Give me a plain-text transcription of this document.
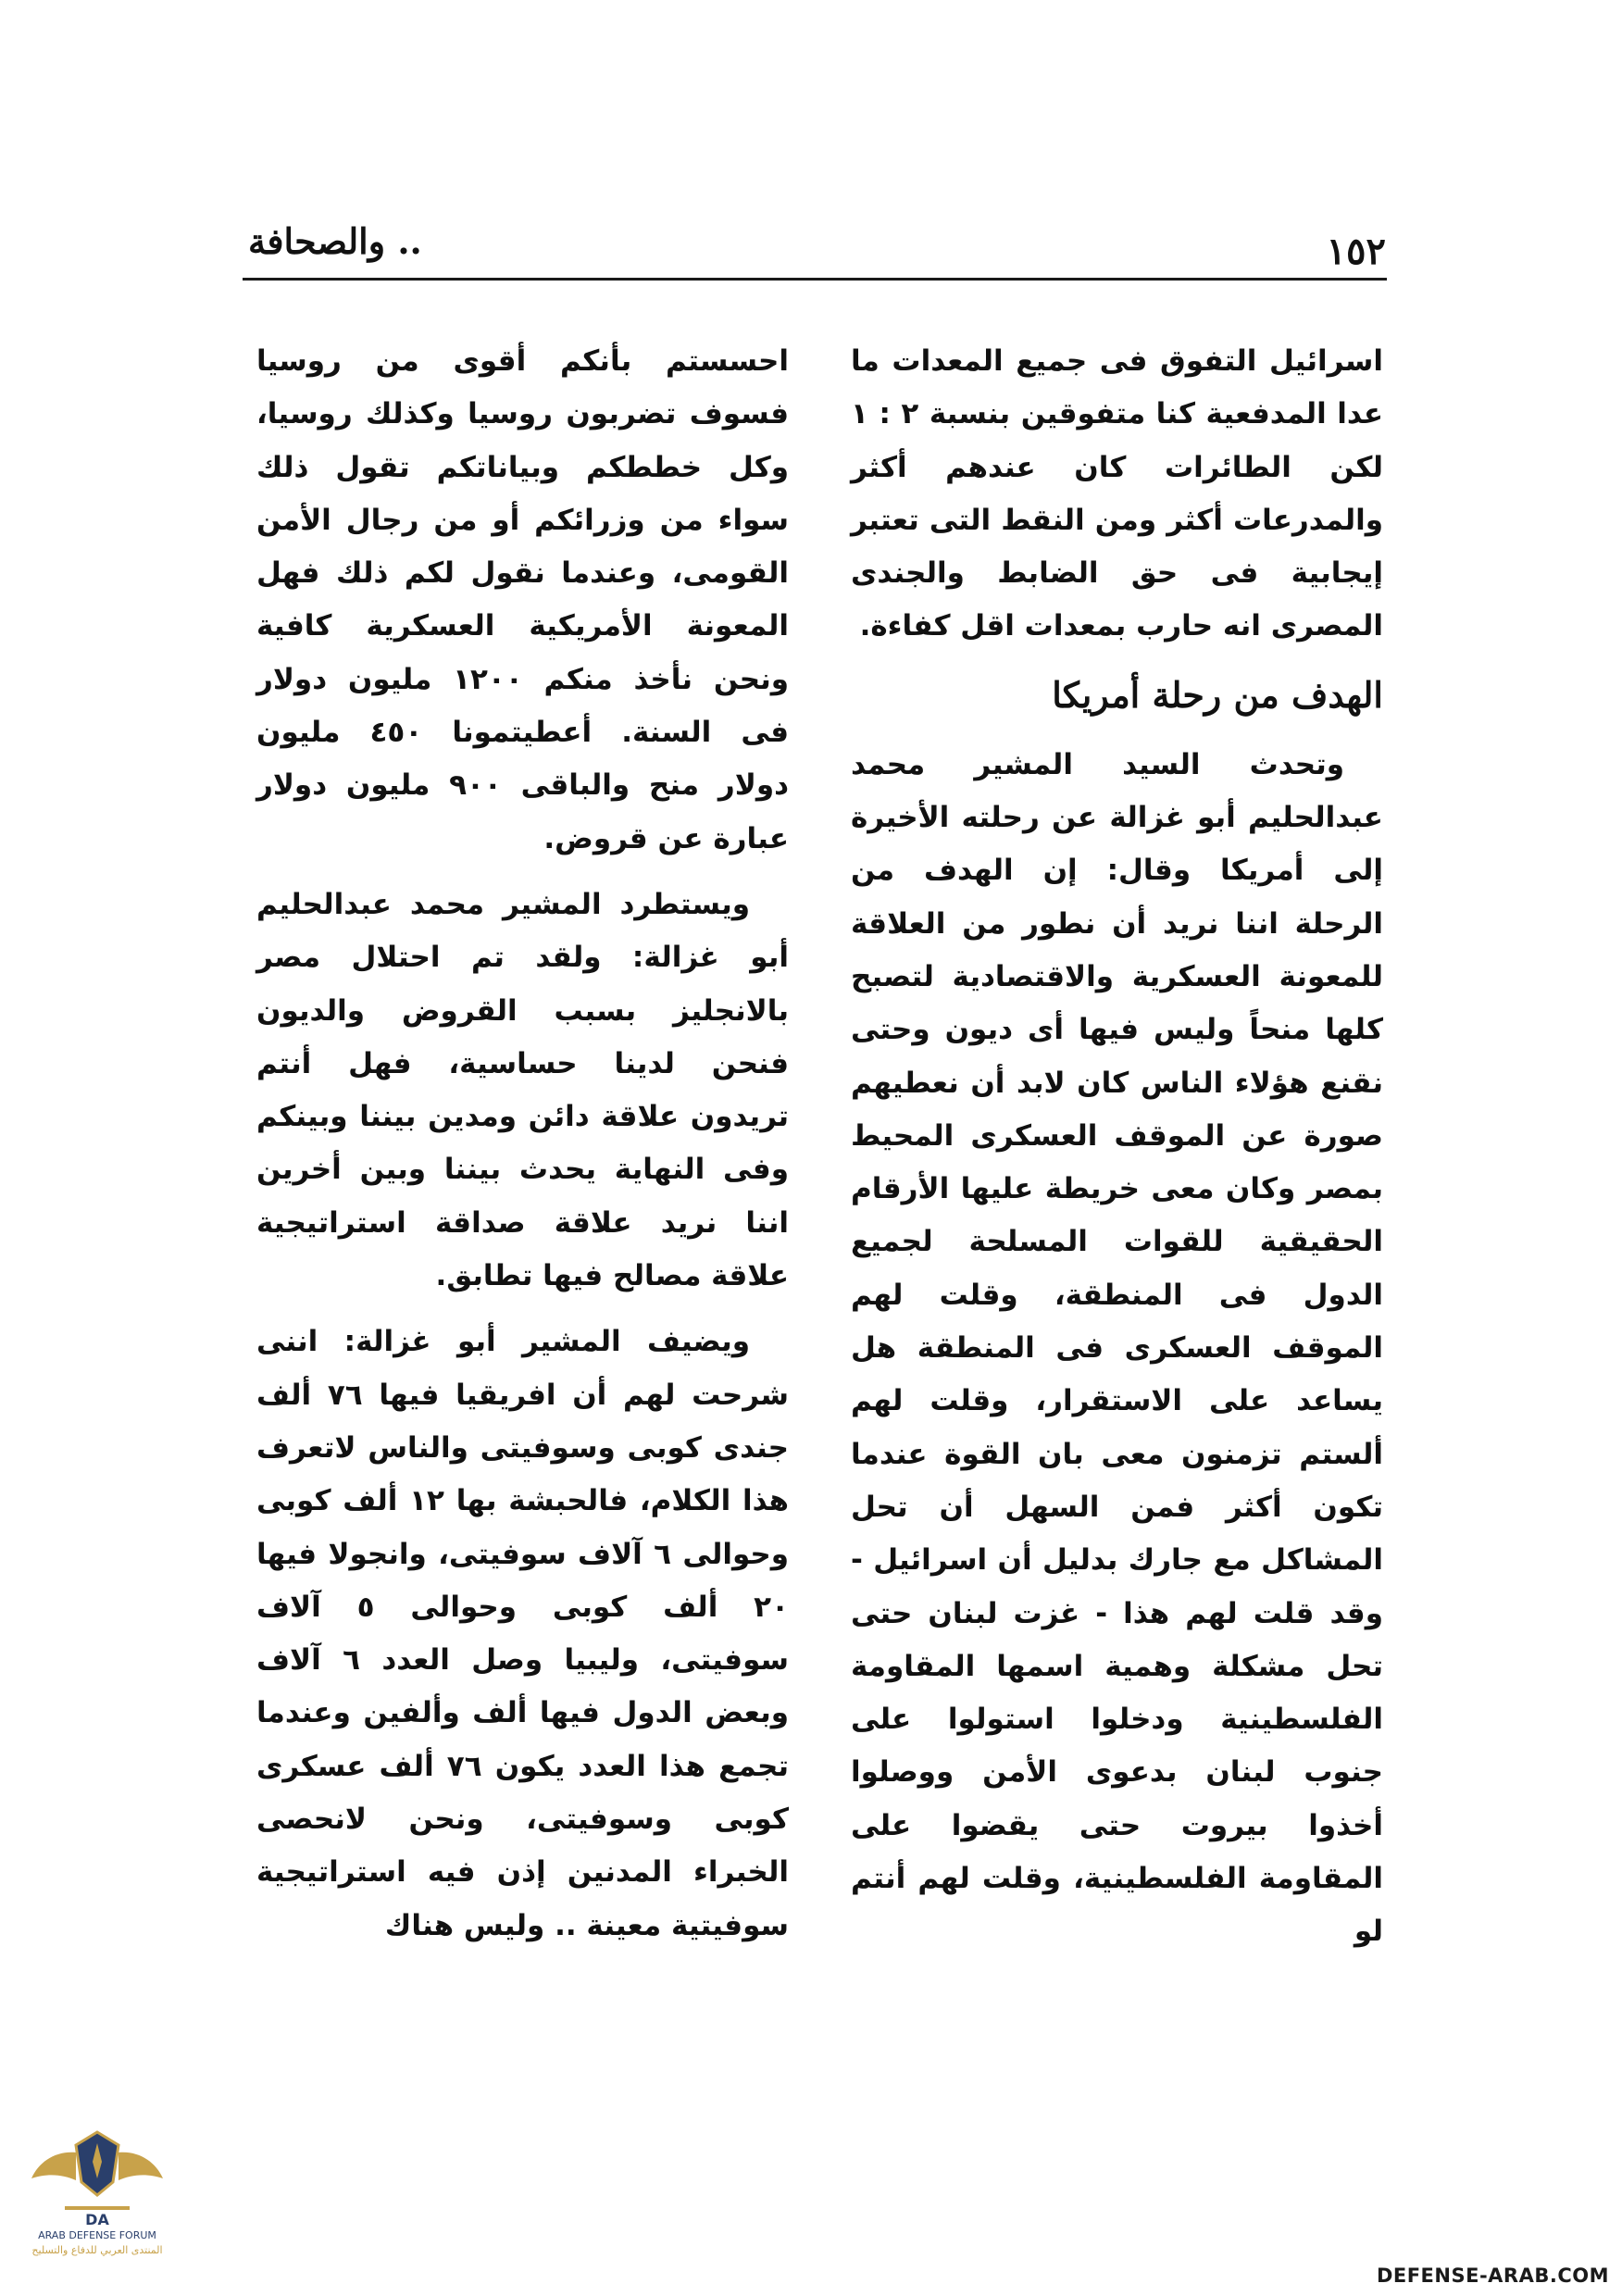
.. والصحافة	١٥٢

اسرائيل التفوق فى جميع المعدات ما عدا المدفعية كنا متفوقين بنسبة ٢ : ١ لكن الطائرات كان عندهم أكثر والمدرعات أكثر ومن النقط التى تعتبر إيجابية فى حق الضابط والجندى المصرى انه حارب بمعدات اقل كفاءة.

الهدف من رحلة أمريكا

وتحدث السيد المشير محمد عبدالحليم أبو غزالة عن رحلته الأخيرة إلى أمريكا وقال: إن الهدف من الرحلة اننا نريد أن نطور من العلاقة للمعونة العسكرية والاقتصادية لتصبح كلها منحاً وليس فيها أى ديون وحتى نقنع هؤلاء الناس كان لابد أن نعطيهم صورة عن الموقف العسكرى المحيط بمصر وكان معى خريطة عليها الأرقام الحقيقية للقوات المسلحة لجميع الدول فى المنطقة، وقلت لهم الموقف العسكرى فى المنطقة هل يساعد على الاستقرار، وقلت لهم ألستم تزمنون معى بان القوة عندما تكون أكثر فمن السهل أن تحل المشاكل مع جارك بدليل أن اسرائيل - وقد قلت لهم هذا - غزت لبنان حتى تحل مشكلة وهمية اسمها المقاومة الفلسطينية ودخلوا استولوا على جنوب لبنان بدعوى الأمن ووصلوا أخذوا بيروت حتى يقضوا على المقاومة الفلسطينية، وقلت لهم أنتم لو

احسستم بأنكم أقوى من روسيا فسوف تضربون روسيا وكذلك روسيا، وكل خططكم وبياناتكم تقول ذلك سواء من وزرائكم أو من رجال الأمن القومى، وعندما نقول لكم ذلك فهل المعونة الأمريكية العسكرية كافية ونحن نأخذ منكم ١٢٠٠ مليون دولار فى السنة. أعطيتمونا ٤٥٠ مليون دولار منح والباقى ٩٠٠ مليون دولار عبارة عن قروض.

ويستطرد المشير محمد عبدالحليم أبو غزالة: ولقد تم احتلال مصر بالانجليز بسبب القروض والديون فنحن لدينا حساسية، فهل أنتم تريدون علاقة دائن ومدين بيننا وبينكم وفى النهاية يحدث بيننا وبين أخرين اننا نريد علاقة صداقة استراتيجية علاقة مصالح فيها تطابق.

ويضيف المشير أبو غزالة: اننى شرحت لهم أن افريقيا فيها ٧٦ ألف جندى كوبى وسوفيتى والناس لاتعرف هذا الكلام، فالحبشة بها ١٢ ألف كوبى وحوالى ٦ آلاف سوفيتى، وانجولا فيها ٢٠ ألف كوبى وحوالى ٥ آلاف سوفيتى، وليبيا وصل العدد ٦ آلاف وبعض الدول فيها ألف وألفين وعندما تجمع هذا العدد يكون ٧٦ ألف عسكرى كوبى وسوفيتى، ونحن لانحصى الخبراء المدنين إذن فيه استراتيجية سوفيتية معينة .. وليس هناك

DA
ARAB DEFENSE FORUM
المنتدى العربي للدفاع والتسليح
DEFENSE-ARAB.COM
